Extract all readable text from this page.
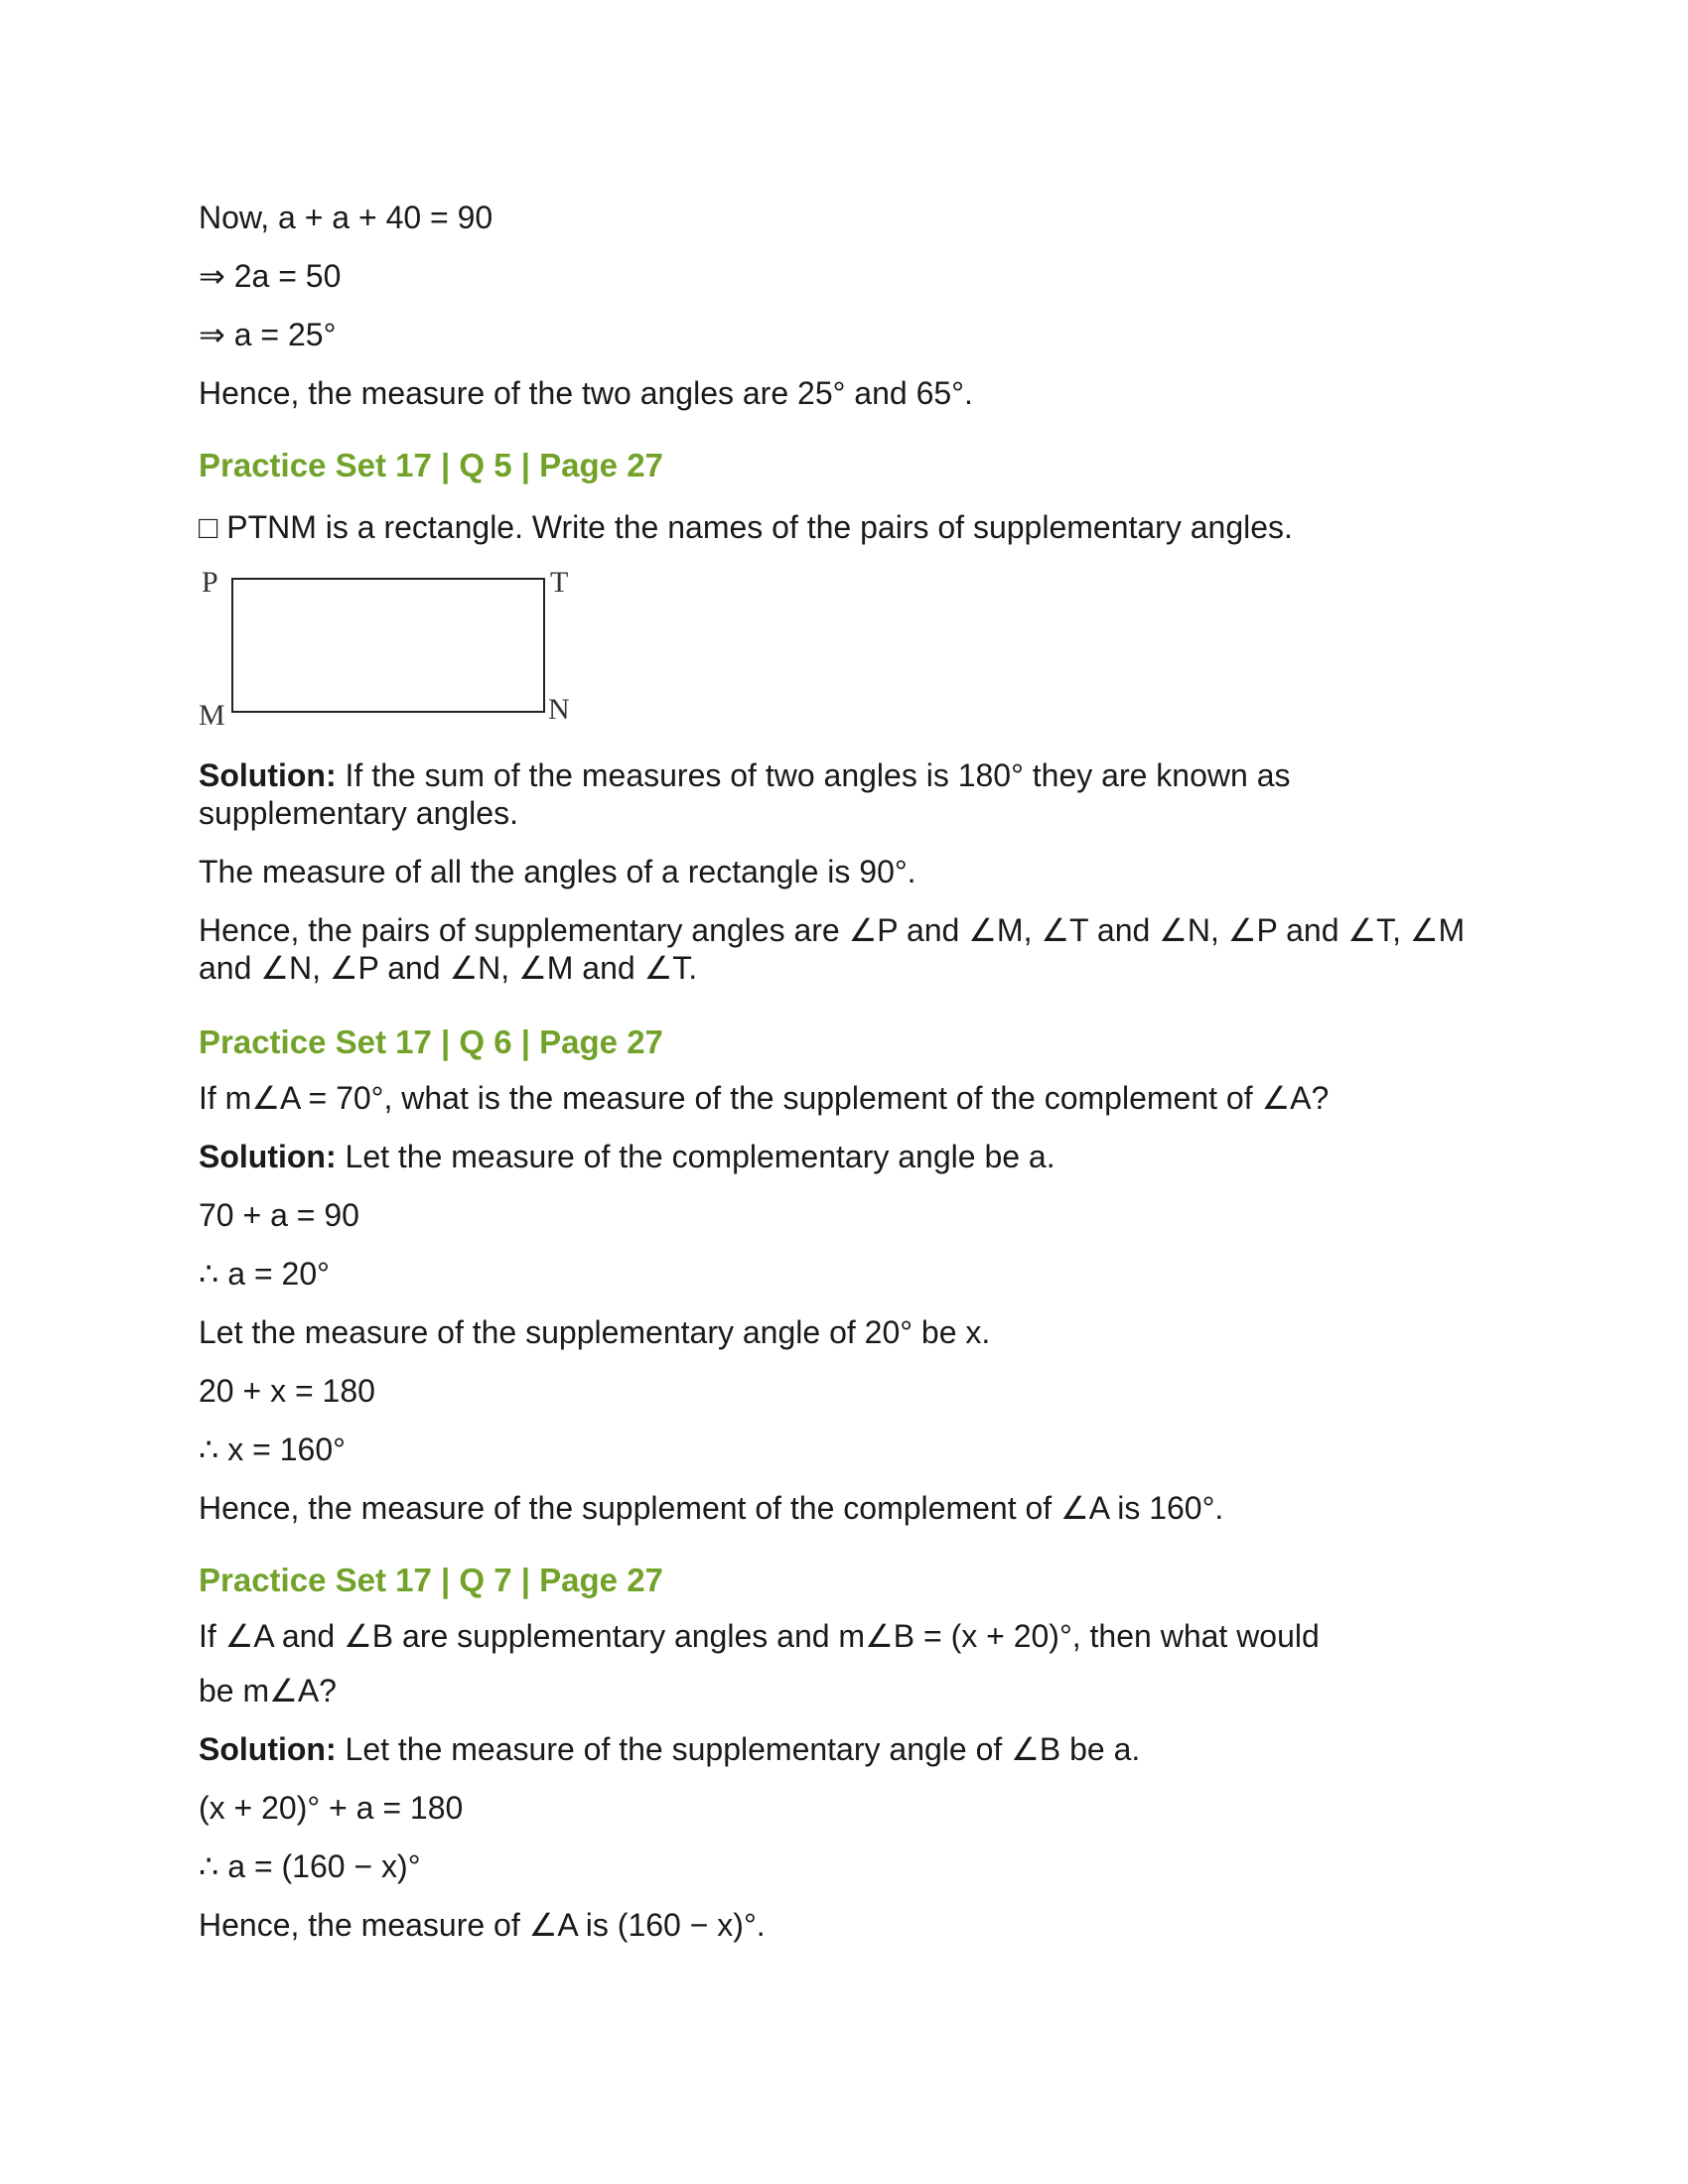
Now, a + a + 40 = 90
⇒ 2a = 50
⇒ a = 25°
Hence, the measure of the two angles are 25° and 65°.
Practice Set 17 | Q 5 | Page 27
□ PTNM is a rectangle. Write the names of the pairs of supplementary angles.
P	T
M	N
Solution: If the sum of the measures of two angles is 180° they are known as
supplementary angles.
The measure of all the angles of a rectangle is 90°.
Hence, the pairs of supplementary angles are ∠P and ∠M, ∠T and ∠N, ∠P and ∠T, ∠M
and ∠N, ∠P and ∠N, ∠M and ∠T.
Practice Set 17 | Q 6 | Page 27
If m∠A = 70°, what is the measure of the supplement of the complement of ∠A?
Solution: Let the measure of the complementary angle be a.
70 + a = 90
∴ a = 20°
Let the measure of the supplementary angle of 20° be x.
20 + x = 180
∴ x = 160°
Hence, the measure of the supplement of the complement of ∠A is 160°.
Practice Set 17 | Q 7 | Page 27
If ∠A and ∠B are supplementary angles and m∠B = (x + 20)°, then what would
be m∠A?
Solution: Let the measure of the supplementary angle of ∠B be a.
(x + 20)° + a = 180
∴ a = (160 − x)°
Hence, the measure of ∠A is (160 − x)°.
